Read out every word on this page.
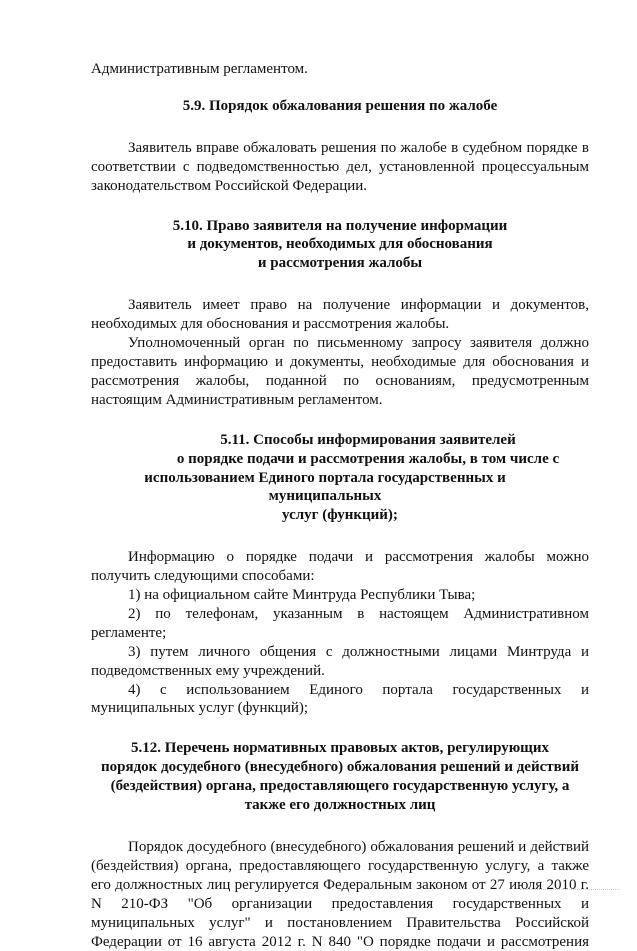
Административным регламентом.

5.9. Порядок обжалования решения по жалобе

Заявитель вправе обжаловать решения по жалобе в судебном порядке в соответствии с подведомственностью дел, установленной процессуальным законодательством Российской Федерации.

5.10. Право заявителя на получение информации
и документов, необходимых для обоснования
и рассмотрения жалобы

Заявитель имеет право на получение информации и документов, необходимых для обоснования и рассмотрения жалобы.

Уполномоченный орган по письменному запросу заявителя должно предоставить информацию и документы, необходимые для обоснования и рассмотрения жалобы, поданной по основаниям, предусмотренным настоящим Административным регламентом.

5.11. Способы информирования заявителей
о порядке подачи и рассмотрения жалобы, в том числе с
использованием Единого портала государственных и муниципальных
услуг (функций);

Информацию о порядке подачи и рассмотрения жалобы можно получить следующими способами:

1) на официальном сайте Минтруда Республики Тыва;

2) по телефонам, указанным в настоящем Административном регламенте;

3) путем личного общения с должностными лицами Минтруда и подведомственных ему учреждений.

4) с использованием Единого портала государственных и муниципальных услуг (функций);

5.12. Перечень нормативных правовых актов, регулирующих
порядок досудебного (внесудебного) обжалования решений и действий
(бездействия) органа, предоставляющего государственную услугу, а
также его должностных лиц

Порядок досудебного (внесудебного) обжалования решений и действий (бездействия) органа, предоставляющего государственную услугу, а также его должностных лиц регулируется Федеральным законом от 27 июля 2010 г. N 210-ФЗ "Об организации предоставления государственных и муниципальных услуг" и постановлением Правительства Российской Федерации от 16 августа 2012 г. N 840 "О порядке подачи и рассмотрения
